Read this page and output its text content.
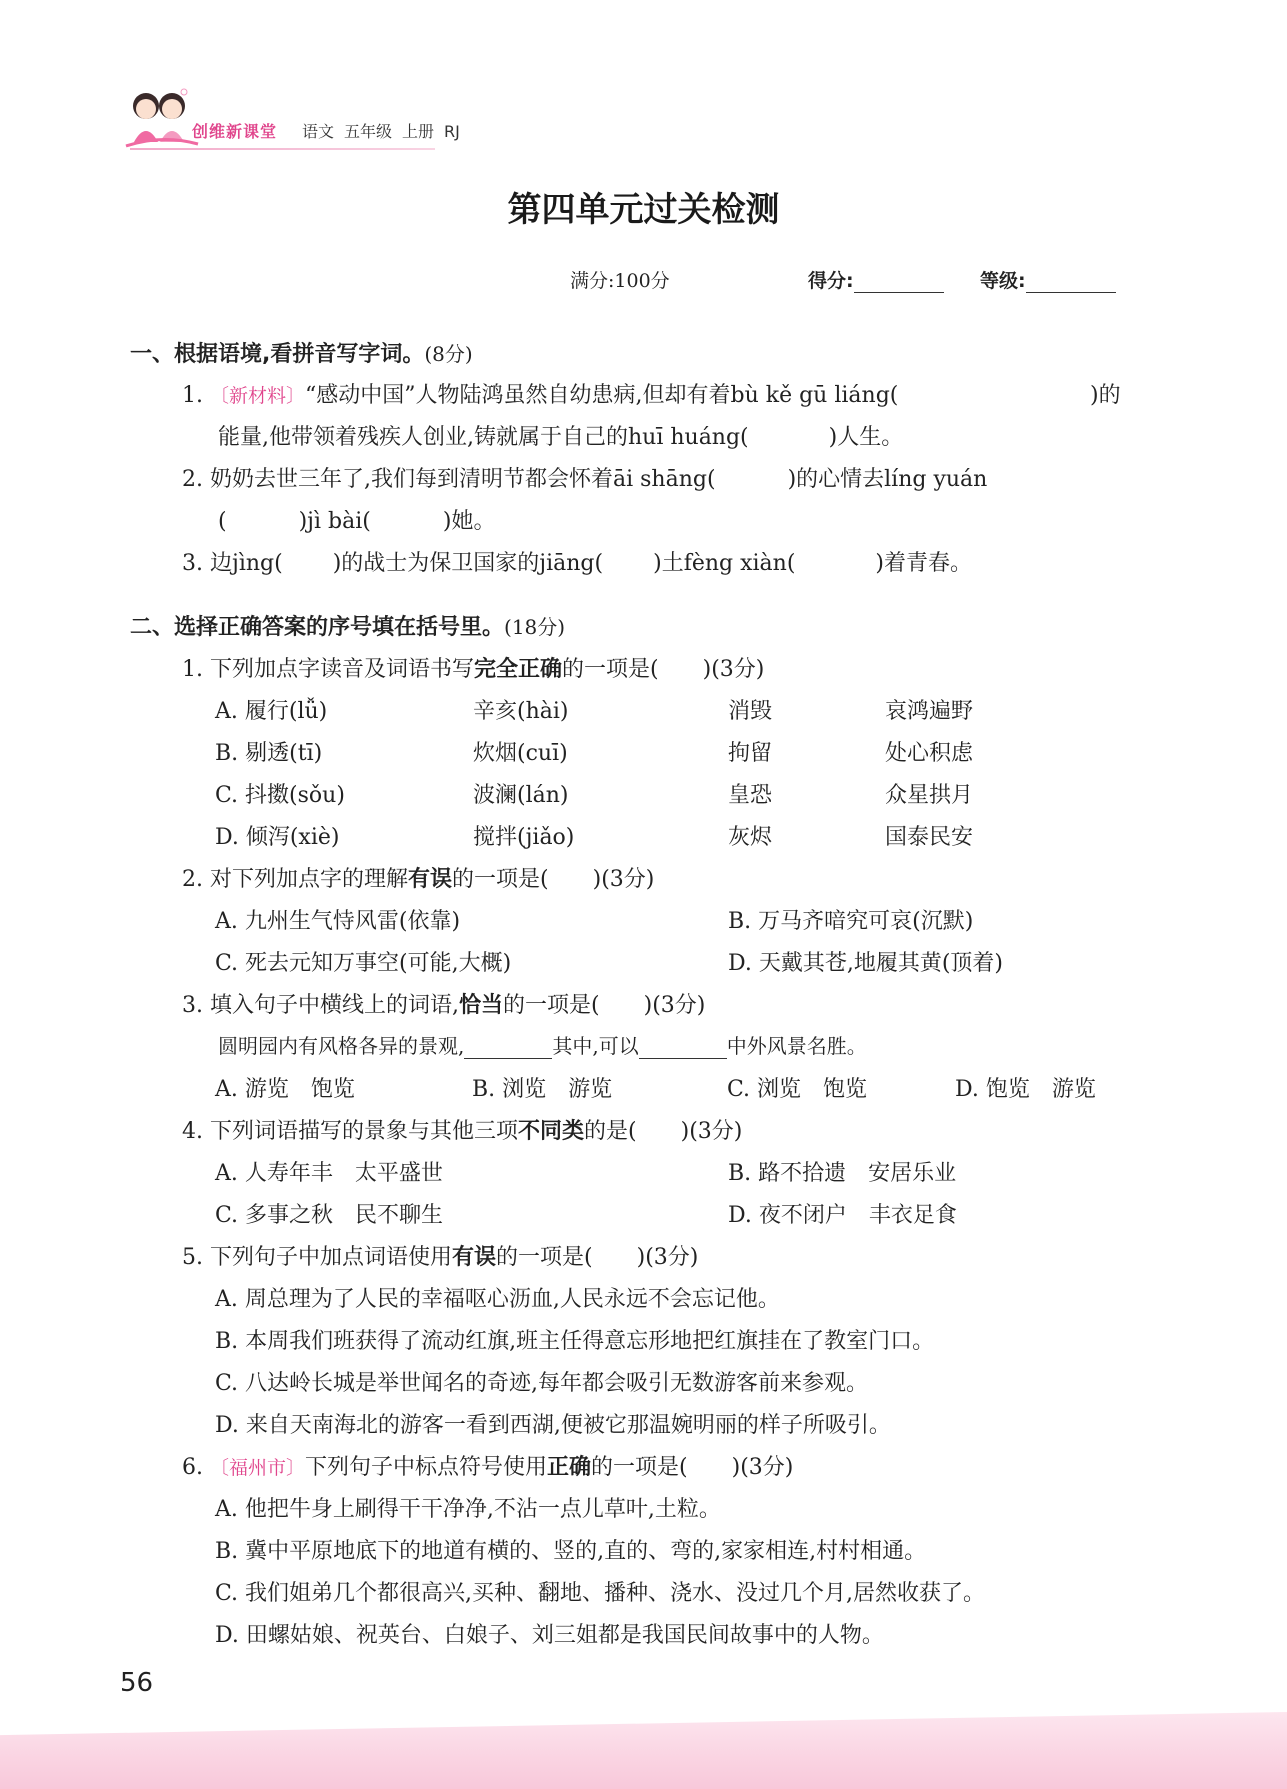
创维新课堂 语文 五年级 上册 RJ
第四单元过关检测
满分:100分	得分:	等级:
一、根据语境,看拼音写字词。(8分)
1. 〔新材料〕“感动中国”人物陆鸿虽然自幼患病,但却有着bù kě gū liáng(	)的
能量,他带领着残疾人创业,铸就属于自己的huī huáng(	)人生。
2. 奶奶去世三年了,我们每到清明节都会怀着āi shāng(	)的心情去líng yuán
(	)jì bài(	)她。
3. 边jìng( )的战士为保卫国家的jiāng( )土fèng xiàn(	)着青春。
二、选择正确答案的序号填在括号里。(18分)
1. 下列加点字读音及词语书写完全正确的一项是( )(3分)
A. 履行(lǚ)	辛亥(hài)	消毁	哀鸿遍野
B. 剔透(tī)	炊烟(cuī)	拘留	处心积虑
C. 抖擞(sǒu)	波澜(lán)	皇恐	众星拱月
D. 倾泻(xiè)	搅拌(jiǎo)	灰烬	国泰民安
2. 对下列加点字的理解有误的一项是( )(3分)
A. 九州生气恃风雷(依靠)	B. 万马齐喑究可哀(沉默)
C. 死去元知万事空(可能,大概)	D. 天戴其苍,地履其黄(顶着)
3. 填入句子中横线上的词语,恰当的一项是( )(3分)
圆明园内有风格各异的景观,	其中,可以	中外风景名胜。
A. 游览　饱览	B. 浏览　游览	C. 浏览　饱览	D. 饱览　游览
4. 下列词语描写的景象与其他三项不同类的是( )(3分)
A. 人寿年丰　太平盛世	B. 路不拾遗　安居乐业
C. 多事之秋　民不聊生	D. 夜不闭户　丰衣足食
5. 下列句子中加点词语使用有误的一项是( )(3分)
A. 周总理为了人民的幸福呕心沥血,人民永远不会忘记他。
B. 本周我们班获得了流动红旗,班主任得意忘形地把红旗挂在了教室门口。
C. 八达岭长城是举世闻名的奇迹,每年都会吸引无数游客前来参观。
D. 来自天南海北的游客一看到西湖,便被它那温婉明丽的样子所吸引。
6. 〔福州市〕下列句子中标点符号使用正确的一项是( )(3分)
A. 他把牛身上刷得干干净净,不沾一点儿草叶,土粒。
B. 冀中平原地底下的地道有横的、竖的,直的、弯的,家家相连,村村相通。
C. 我们姐弟几个都很高兴,买种、翻地、播种、浇水、没过几个月,居然收获了。
D. 田螺姑娘、祝英台、白娘子、刘三姐都是我国民间故事中的人物。
56
